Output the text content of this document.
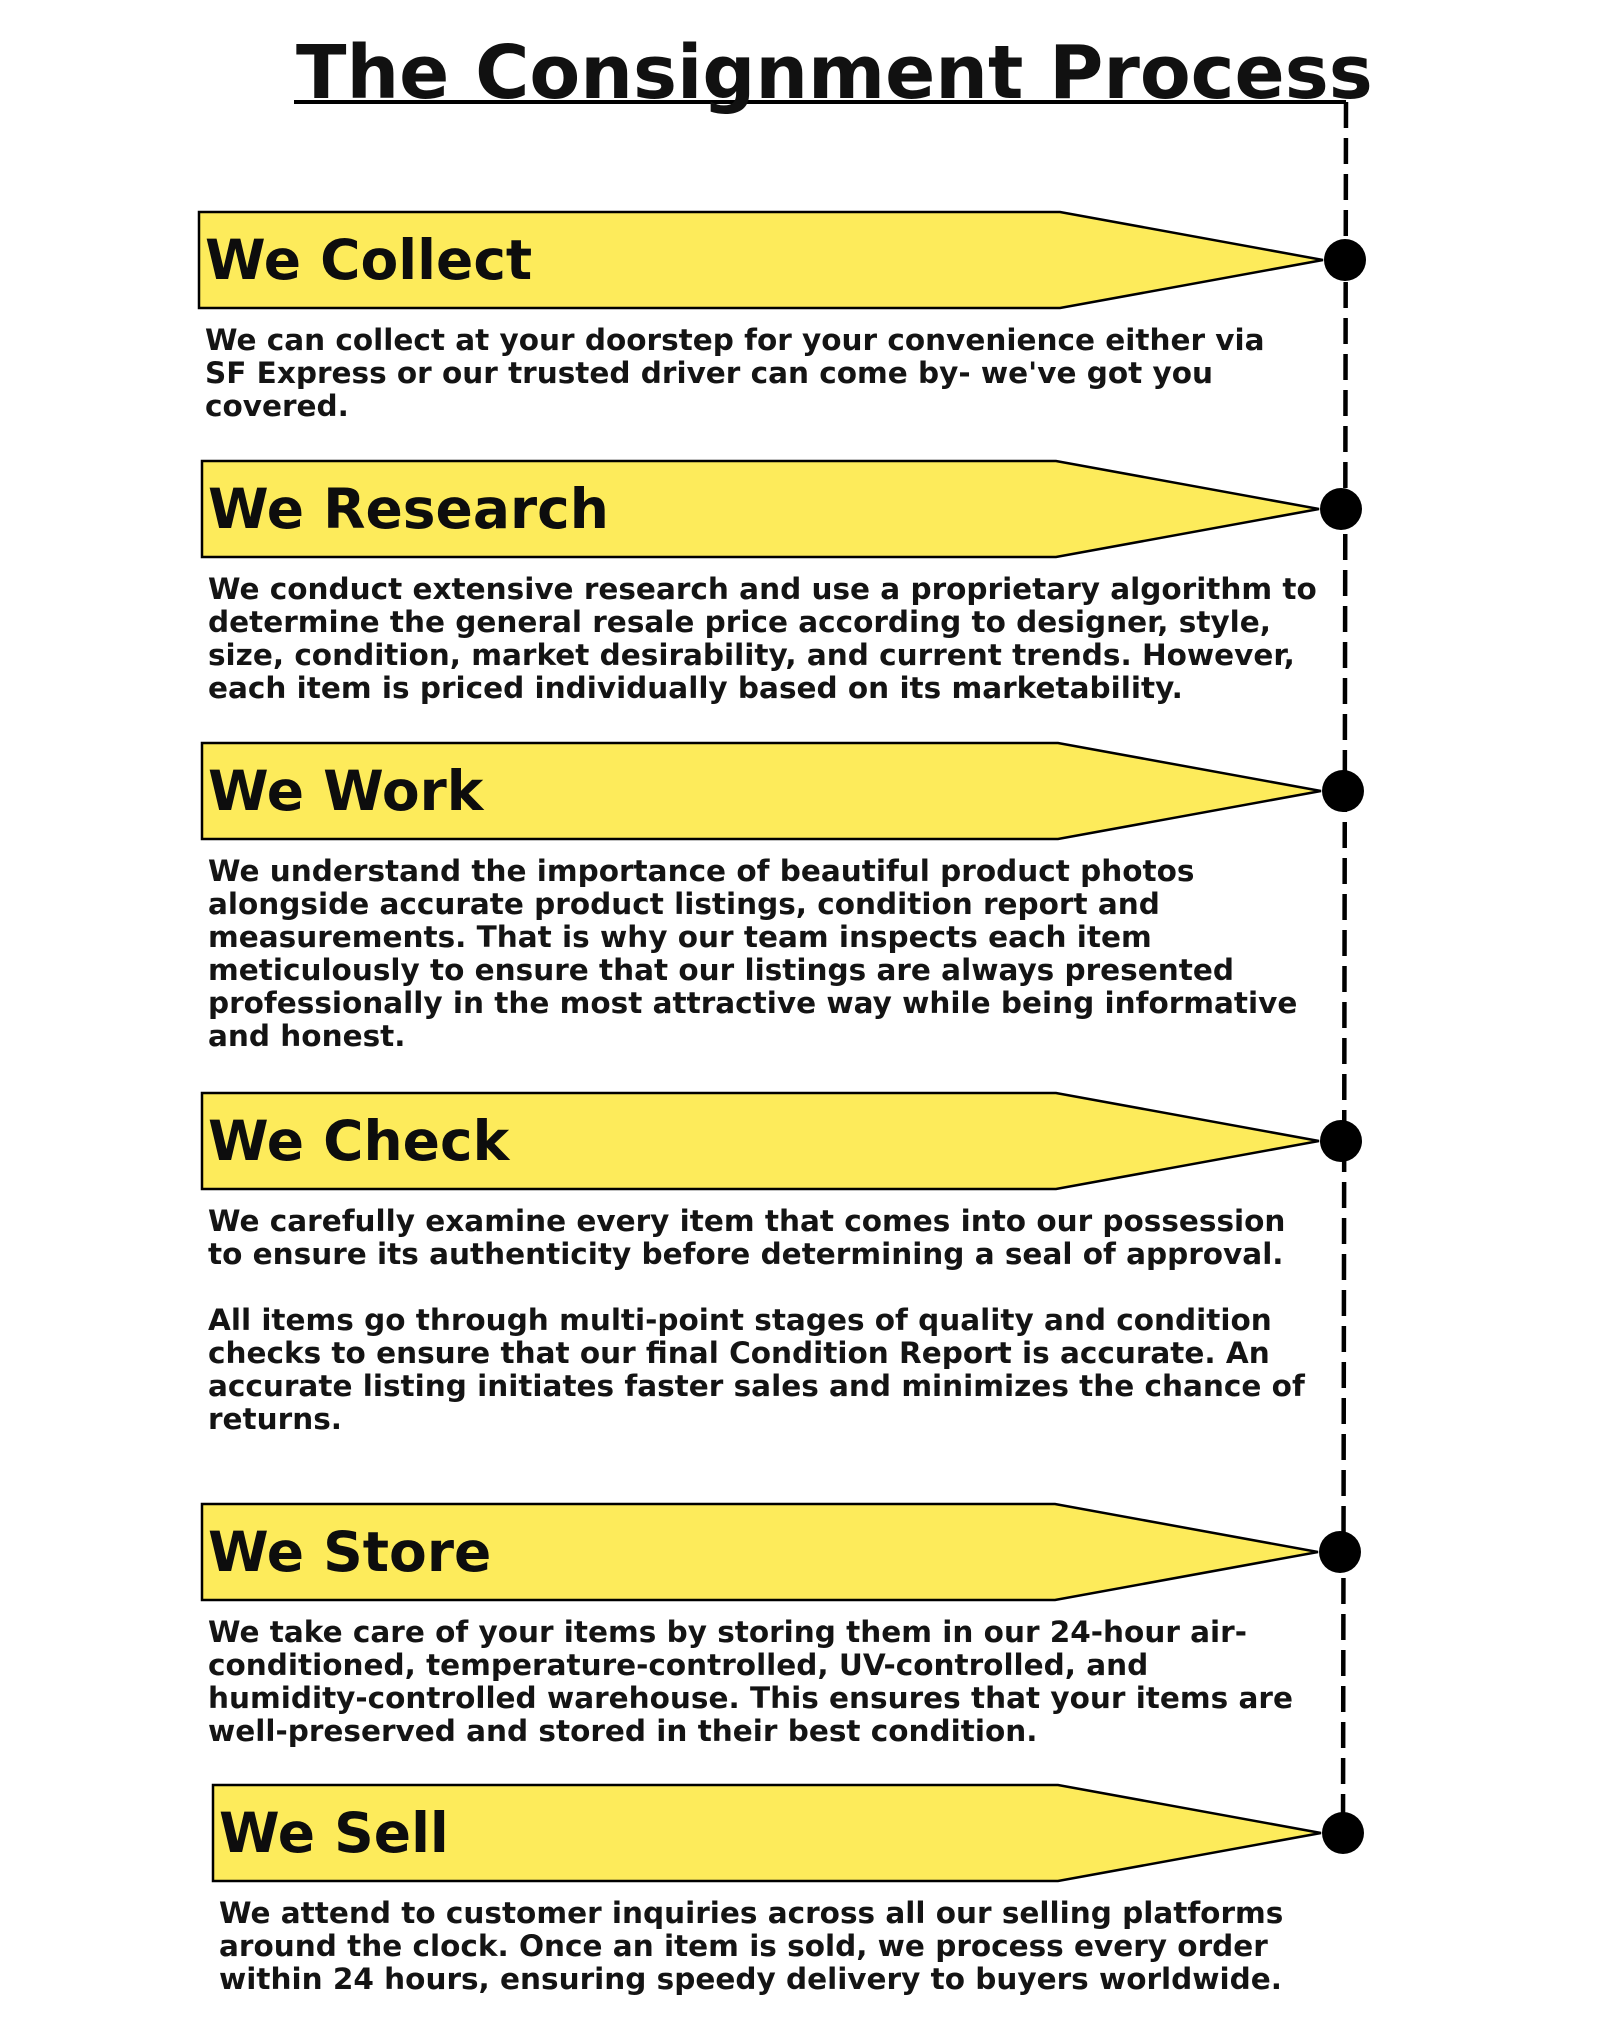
The Consignment Process
We Collect

We can collect at your doorstep for your convenience either via SF Express or our trusted driver can come by- we've got you covered.

We Research

We conduct extensive research and use a proprietary algorithm to determine the general resale price according to designer, style, size, condition, market desirability, and current trends. However, each item is priced individually based on its marketability.

We Work

We understand the importance of beautiful product photos alongside accurate product listings, condition report and measurements. That is why our team inspects each item meticulously to ensure that our listings are always presented professionally in the most attractive way while being informative and honest.

We Check

We carefully examine every item that comes into our possession to ensure its authenticity before determining a seal of approval.

All items go through multi-point stages of quality and condition checks to ensure that our final Condition Report is accurate. An accurate listing initiates faster sales and minimizes the chance of returns.

We Store

We take care of your items by storing them in our 24-hour air-conditioned, temperature-controlled, UV-controlled, and humidity-controlled warehouse. This ensures that your items are well-preserved and stored in their best condition.

We Sell

We attend to customer inquiries across all our selling platforms around the clock. Once an item is sold, we process every order within 24 hours, ensuring speedy delivery to buyers worldwide.
